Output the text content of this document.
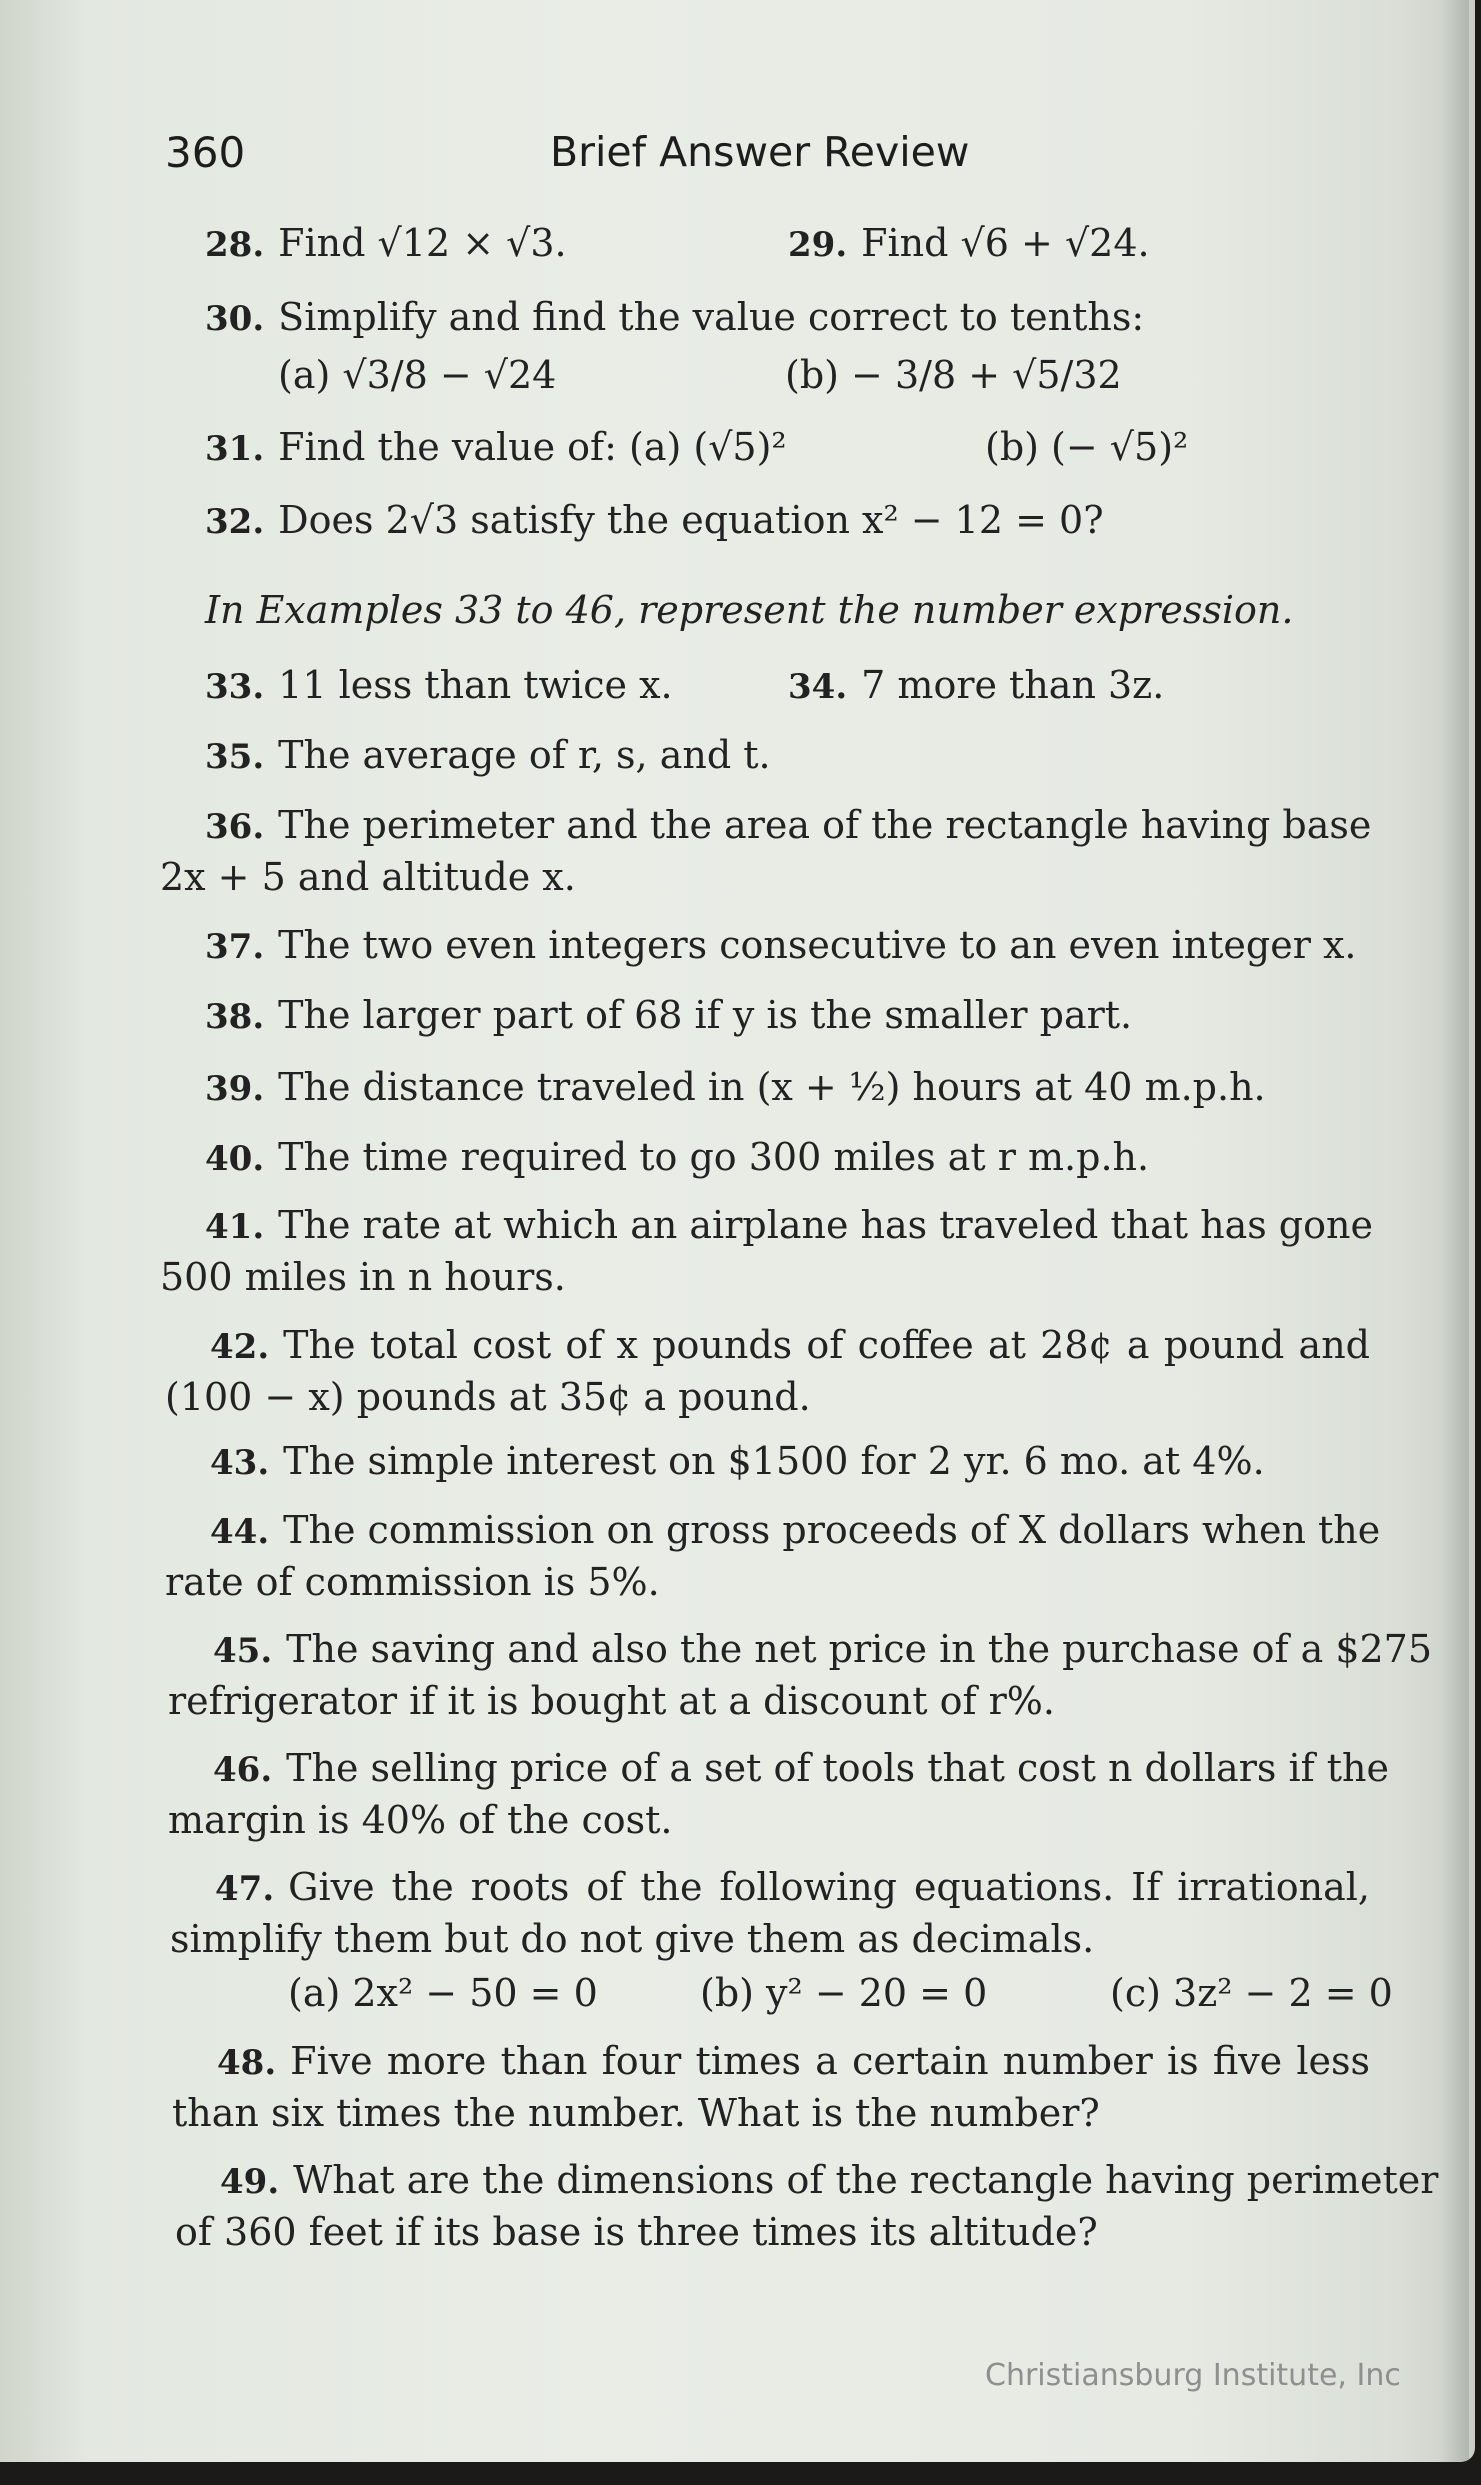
360	Brief Answer Review
28. Find √12 × √3.	29. Find √6 + √24.
30. Simplify and find the value correct to tenths:
(a) √3/8 − √24	(b) − 3/8 + √5/32
31. Find the value of: (a) (√5)²	(b) (− √5)²
32. Does 2√3 satisfy the equation x² − 12 = 0?
In Examples 33 to 46, represent the number expression.
33. 11 less than twice x.	34. 7 more than 3z.
35. The average of r, s, and t.
36. The perimeter and the area of the rectangle having base
2x + 5 and altitude x.
37. The two even integers consecutive to an even integer x.
38. The larger part of 68 if y is the smaller part.
39. The distance traveled in (x + ½) hours at 40 m.p.h.
40. The time required to go 300 miles at r m.p.h.
41. The rate at which an airplane has traveled that has gone
500 miles in n hours.
42. The total cost of x pounds of coffee at 28¢ a pound and
(100 − x) pounds at 35¢ a pound.
43. The simple interest on $1500 for 2 yr. 6 mo. at 4%.
44. The commission on gross proceeds of X dollars when the
rate of commission is 5%.
45. The saving and also the net price in the purchase of a $275
refrigerator if it is bought at a discount of r%.
46. The selling price of a set of tools that cost n dollars if the
margin is 40% of the cost.
47. Give the roots of the following equations. If irrational,
simplify them but do not give them as decimals.
(a) 2x² − 50 = 0	(b) y² − 20 = 0	(c) 3z² − 2 = 0
48. Five more than four times a certain number is five less
than six times the number. What is the number?
49. What are the dimensions of the rectangle having perimeter
of 360 feet if its base is three times its altitude?
Christiansburg Institute, Inc
